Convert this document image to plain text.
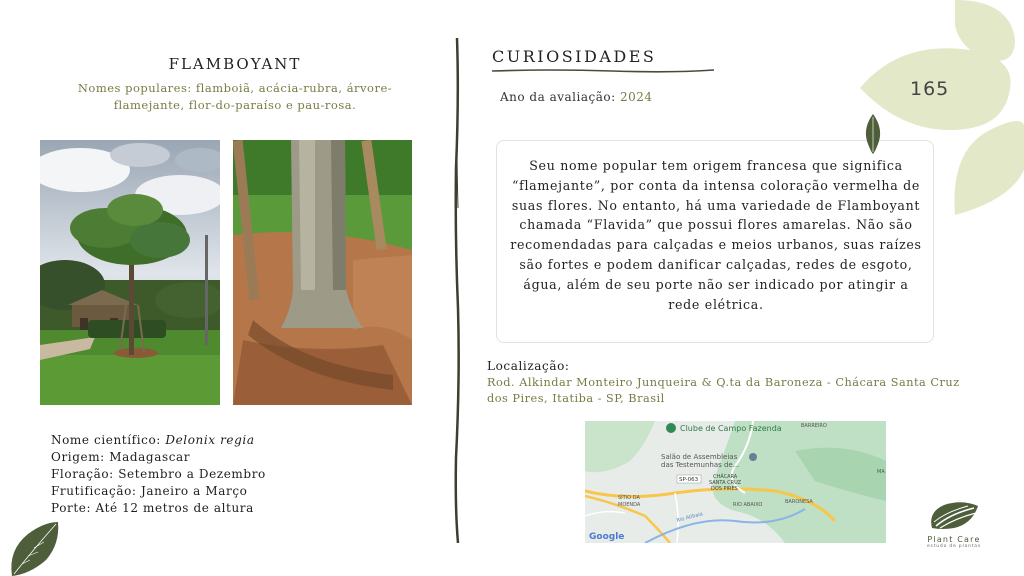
FLAMBOYANT
Nomes populares: flamboiã, acácia-rubra, árvore-flamejante, flor-do-paraíso e pau-rosa.
Nome científico: Delonix regia
Origem: Madagascar
Floração: Setembro a Dezembro
Frutificação: Janeiro a Março
Porte: Até 12 metros de altura
CURIOSIDADES
Ano da avaliação: 2024
Seu nome popular tem origem francesa que significa “flamejante”, por conta da intensa coloração vermelha de suas flores. No entanto, há uma variedade de Flamboyant chamada “Flavida” que possui flores amarelas. Não são recomendadas para calçadas e meios urbanos, suas raízes são fortes e podem danificar calçadas, redes de esgoto, água, além de seu porte não ser indicado por atingir a rede elétrica.
Localização:
Rod. Alkindar Monteiro Junqueira & Q.ta da Baroneza - Chácara Santa Cruz dos Pires, Itatiba - SP, Brasil
Clube de Campo Fazenda	BARREIRO
Salão de Assembleias
das Testemunhas de...
SP-063	CHÁCARA
SANTA CRUZ
DOS PIRES
SÍTIO DA
MOENDA	BARONESA
RIO ABAIXO
Rio Atibaia
MA
Google
165
Plant Care
estudo de plantas
